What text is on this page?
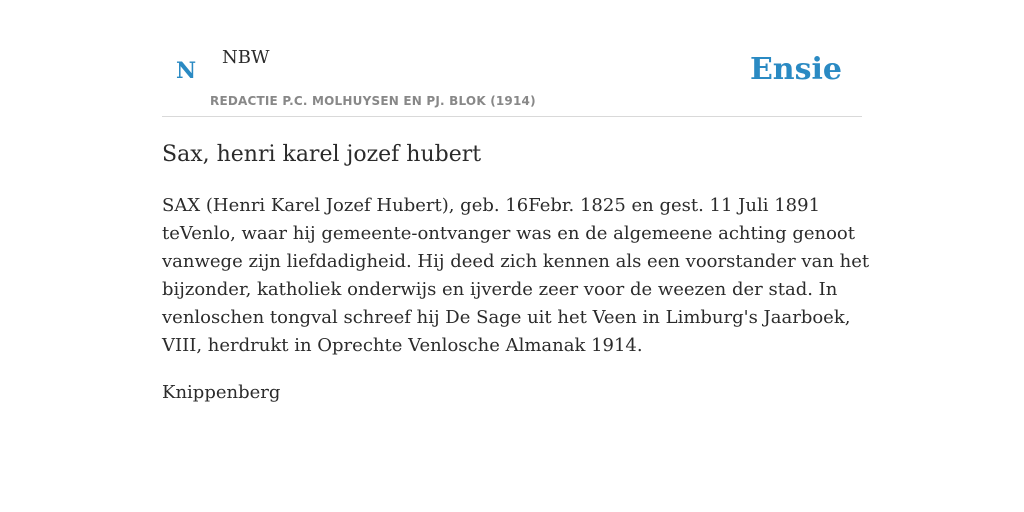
N
NBW
REDACTIE P.C. MOLHUYSEN EN PJ. BLOK (1914)
Ensie
Sax, henri karel jozef hubert

SAX (Henri Karel Jozef Hubert), geb. 16Febr. 1825 en gest. 11 Juli 1891 teVenlo, waar hij gemeente-ontvanger was en de algemeene achting genoot vanwege zijn liefdadigheid. Hij deed zich kennen als een voorstander van het bijzonder, katholiek onderwijs en ijverde zeer voor de weezen der stad. In venloschen tongval schreef hij De Sage uit het Veen in Limburg's Jaarboek, VIII, herdrukt in Oprechte Venlosche Almanak 1914.

Knippenberg
